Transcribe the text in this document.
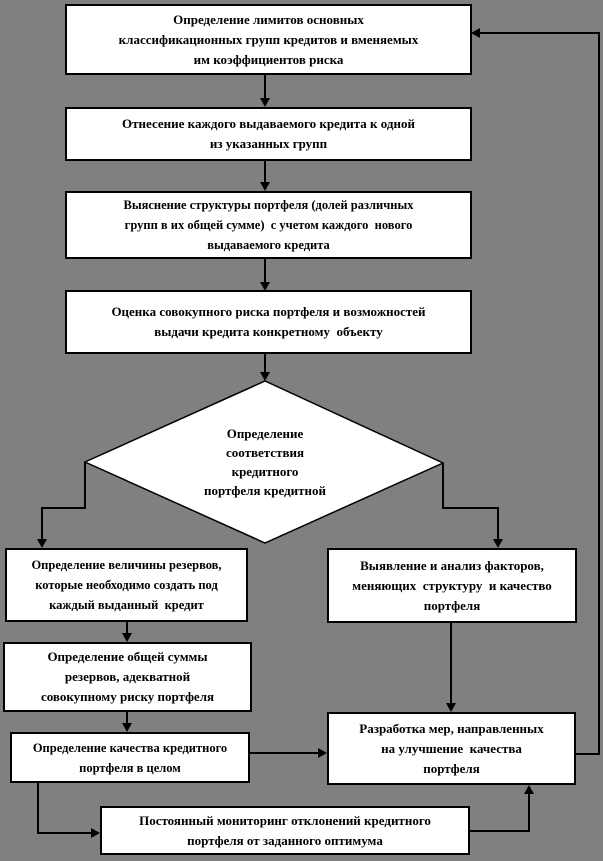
Определение лимитов основных
классификационных групп кредитов и вменяемых
им коэффициентов риска
Отнесение каждого выдаваемого кредита к одной
из указанных групп
Выяснение структуры портфеля (долей различных
групп в их общей сумме)  с учетом каждого  нового
выдаваемого кредита
Оценка совокупного риска портфеля и возможностей
выдачи кредита конкретному  объекту
Определение
соответствия
кредитного
портфеля кредитной
Определение величины резервов,
которые необходимо создать под
каждый выданный  кредит
Определение общей суммы
резервов, адекватной
совокупному риску портфеля
Определение качества кредитного
портфеля в целом
Выявление и анализ факторов,
меняющих  структуру  и качество
портфеля
Разработка мер, направленных
на улучшение  качества
портфеля
Постоянный мониторинг отклонений кредитного
портфеля от заданного оптимума
